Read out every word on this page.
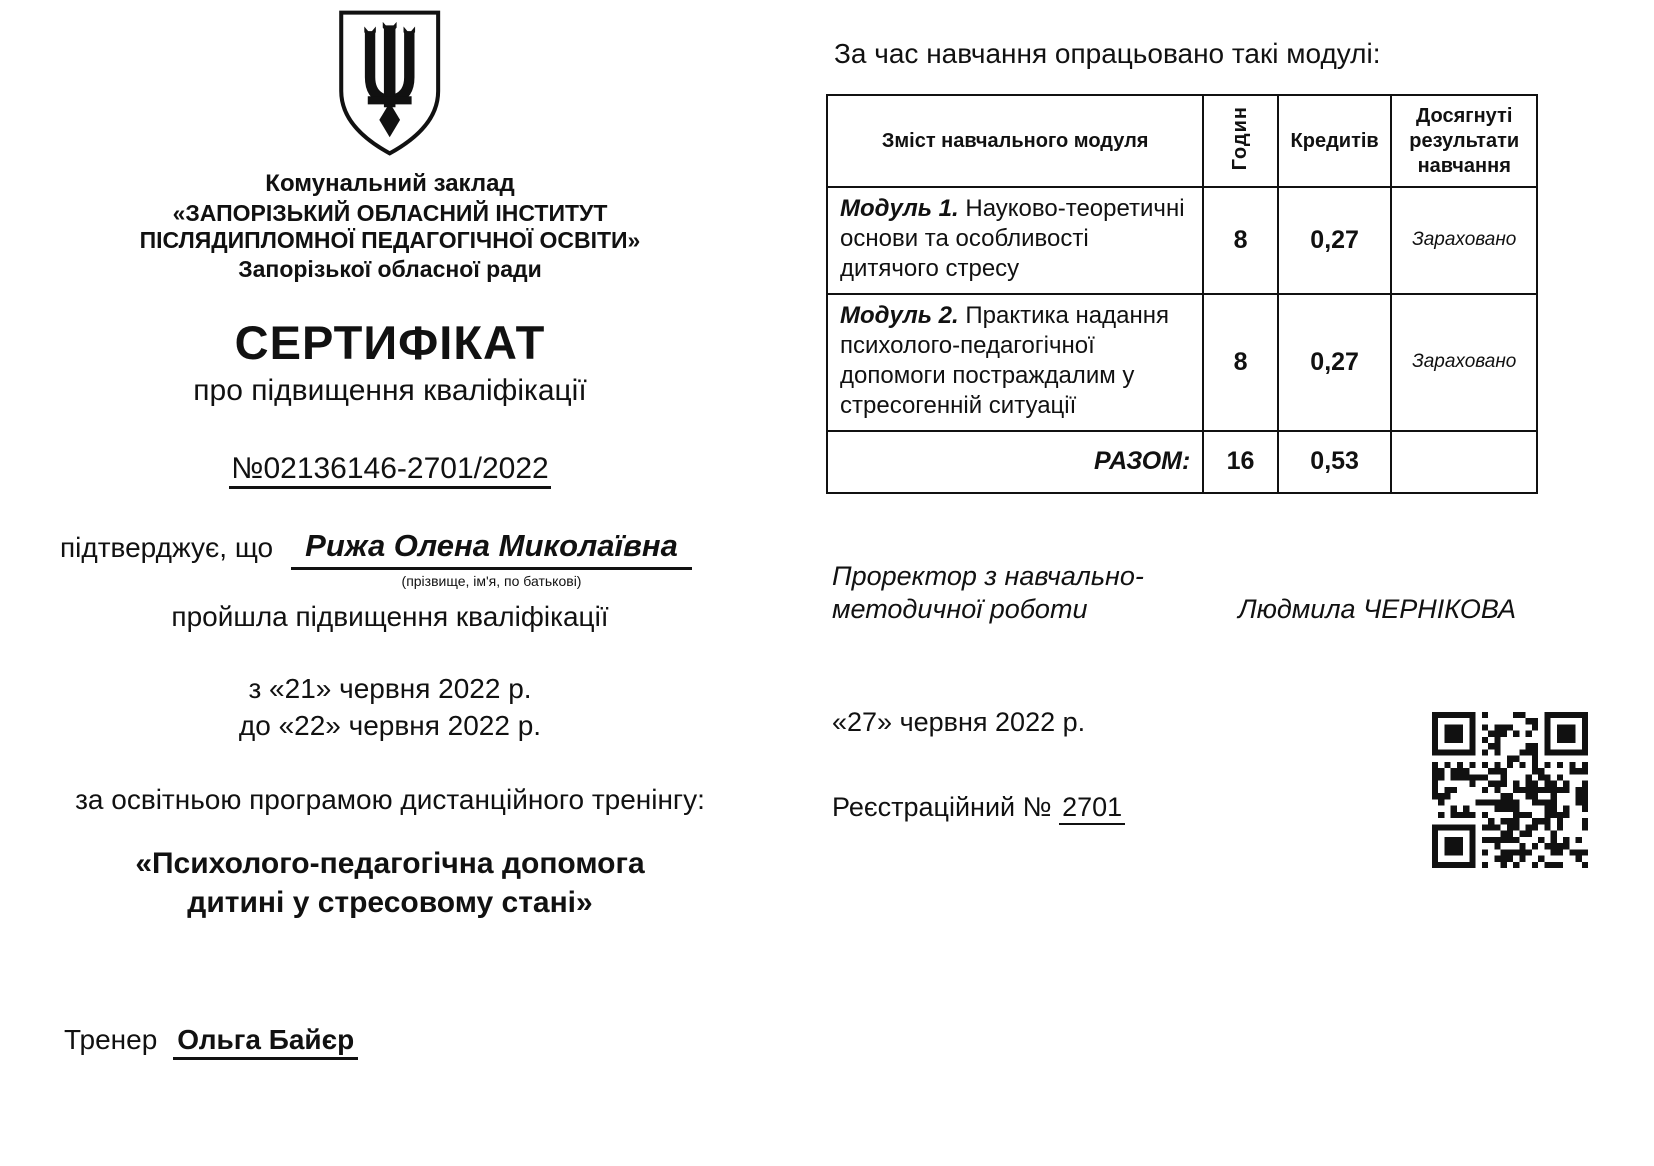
Комунальний заклад
«ЗАПОРІЗЬКИЙ ОБЛАСНИЙ ІНСТИТУТ ПІСЛЯДИПЛОМНОЇ ПЕДАГОГІЧНОЇ ОСВІТИ»
Запорізької обласної ради
СЕРТИФІКАТ
про підвищення кваліфікації
№02136146-2701/2022
підтверджує, що	Рижа Олена Миколаївна
(прізвище, ім'я, по батькові)
пройшла підвищення кваліфікації
з «21» червня 2022 р.
до «22» червня 2022 р.
за освітньою програмою дистанційного тренінгу:
«Психолого-педагогічна допомога дитині у стресовому стані»
Тренер Ольга Байєр
За час навчання опрацьовано такі модулі:
Зміст навчального модуля	Годин	Кредитів	Досягнуті результати навчання
Модуль 1. Науково-теоретичні основи та особливості дитячого стресу	8	0,27	Зараховано
Модуль 2. Практика надання психолого-педагогічної допомоги постраждалим у стресогенній ситуації	8	0,27	Зараховано
РАЗОМ:	16	0,53	
Проректор з навчально-методичної роботи	Людмила ЧЕРНІКОВА
«27» червня 2022 р.
Реєстраційний № 2701
